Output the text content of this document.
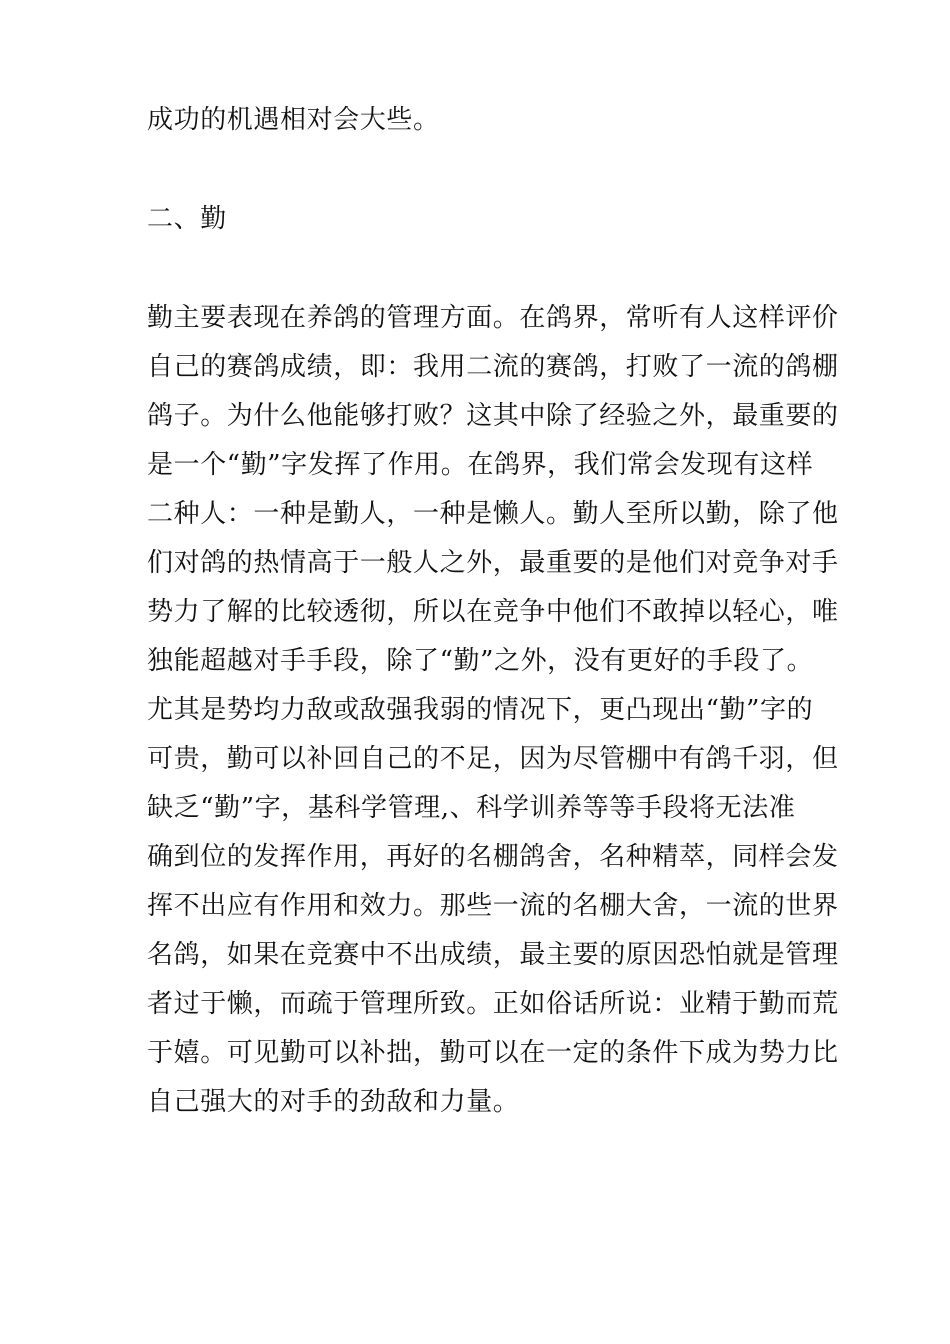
成功的机遇相对会大些。
二、勤
勤主要表现在养鸽的管理方面。在鸽界，常听有人这样评价
自己的赛鸽成绩，即：我用二流的赛鸽，打败了一流的鸽棚
鸽子。为什么他能够打败？这其中除了经验之外，最重要的
是一个“勤”字发挥了作用。在鸽界，我们常会发现有这样
二种人：一种是勤人，一种是懒人。勤人至所以勤，除了他
们对鸽的热情高于一般人之外，最重要的是他们对竞争对手
势力了解的比较透彻，所以在竞争中他们不敢掉以轻心，唯
独能超越对手手段，除了“勤”之外，没有更好的手段了。
尤其是势均力敌或敌强我弱的情况下，更凸现出“勤”字的
可贵，勤可以补回自己的不足，因为尽管棚中有鸽千羽，但
缺乏“勤”字，基科学管理,、科学训养等等手段将无法准
确到位的发挥作用，再好的名棚鸽舍，名种精萃，同样会发
挥不出应有作用和效力。那些一流的名棚大舍，一流的世界
名鸽，如果在竞赛中不出成绩，最主要的原因恐怕就是管理
者过于懒，而疏于管理所致。正如俗话所说：业精于勤而荒
于嬉。可见勤可以补拙，勤可以在一定的条件下成为势力比
自己强大的对手的劲敌和力量。
